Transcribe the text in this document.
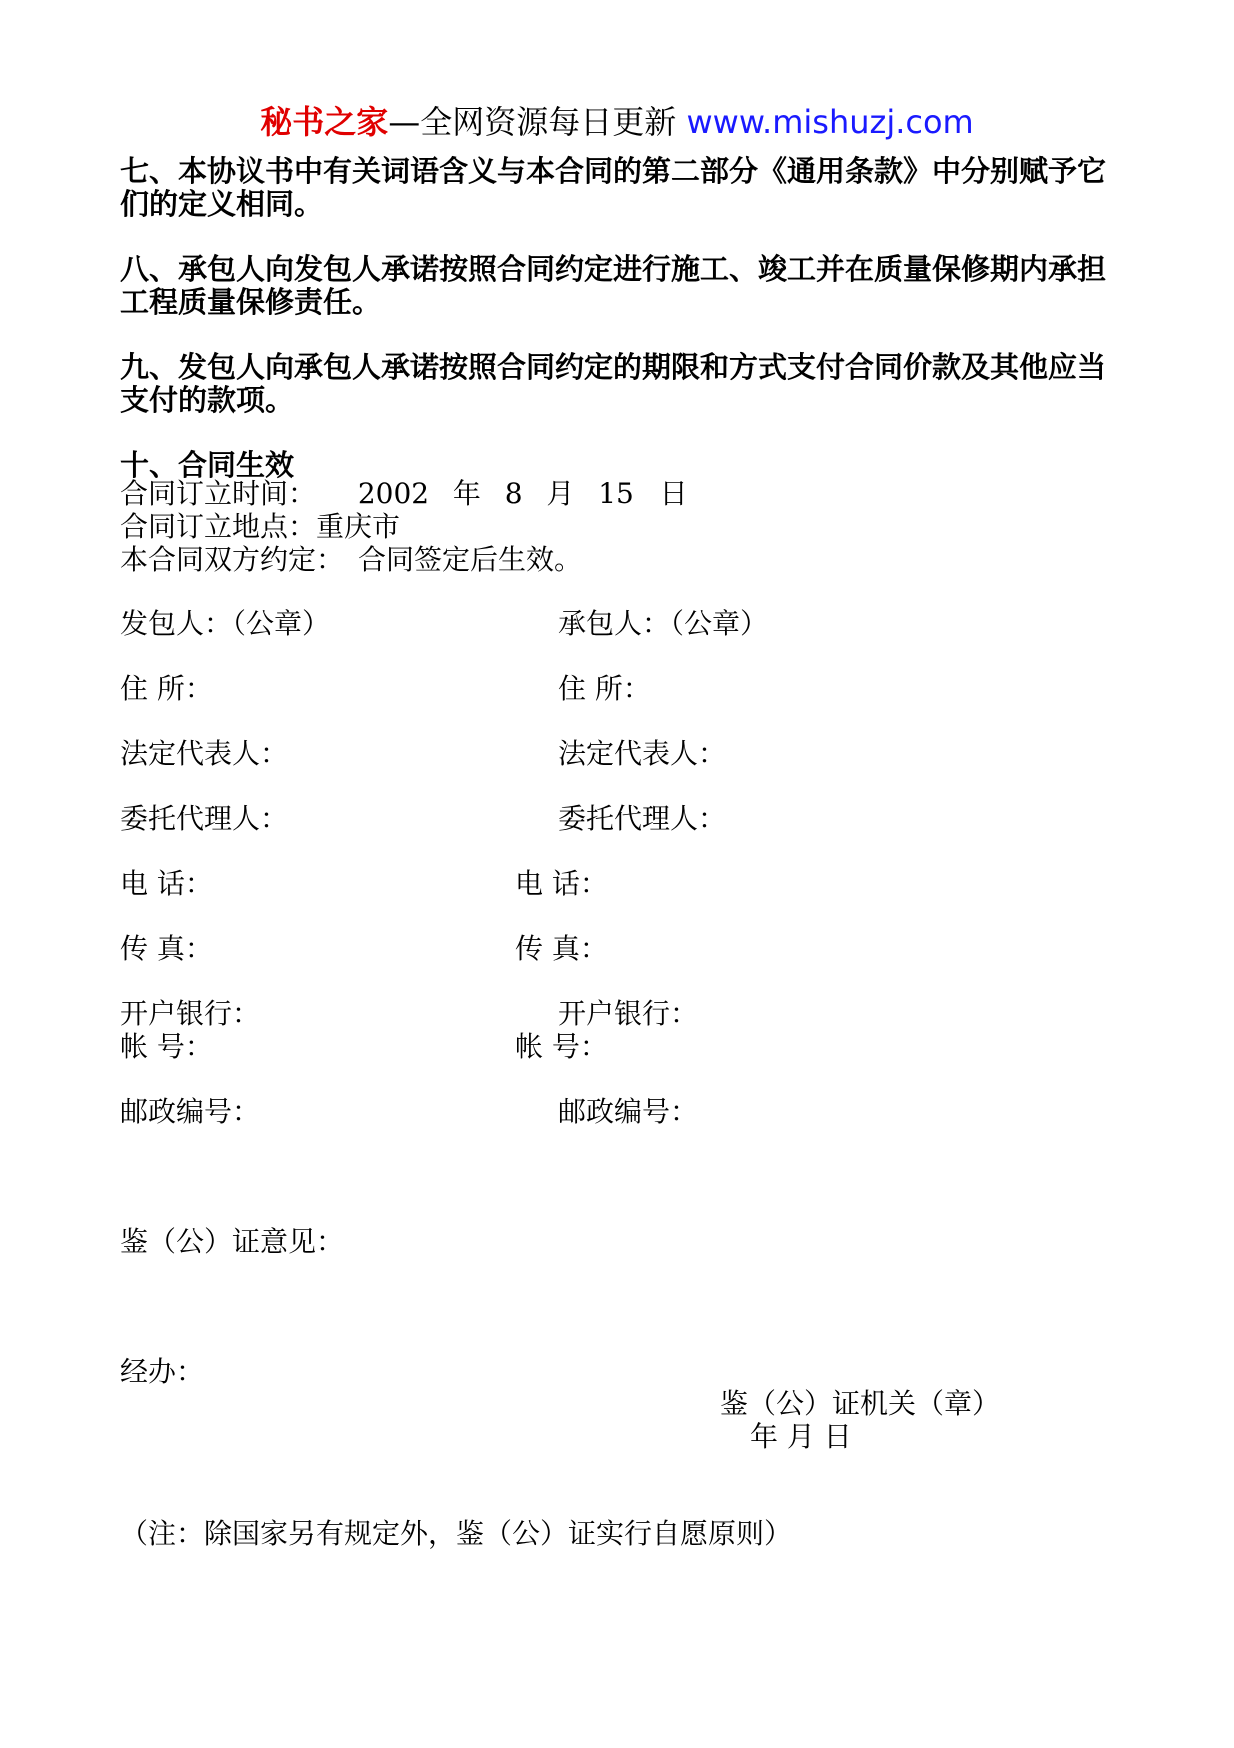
秘书之家—全网资源每日更新 www.mishuzj.com
七、本协议书中有关词语含义与本合同的第二部分《通用条款》中分别赋予它
们的定义相同。
八、承包人向发包人承诺按照合同约定进行施工、竣工并在质量保修期内承担
工程质量保修责任。
九、发包人向承包人承诺按照合同约定的期限和方式支付合同价款及其他应当
支付的款项。
十、合同生效
合同订立时间： 2002 年 8 月 15 日
合同订立地点：重庆市
本合同双方约定：　合同签定后生效。
发包人：（公章）	承包人：（公章）
住 所：	住 所：
法定代表人：	法定代表人：
委托代理人：	委托代理人：
电 话：	电 话：
传 真：	传 真：
开户银行：	开户银行：
帐 号：	帐 号：
邮政编号：	邮政编号：
鉴（公）证意见：
经办：
鉴（公）证机关（章）
年 月 日
（注：除国家另有规定外，鉴（公）证实行自愿原则）
